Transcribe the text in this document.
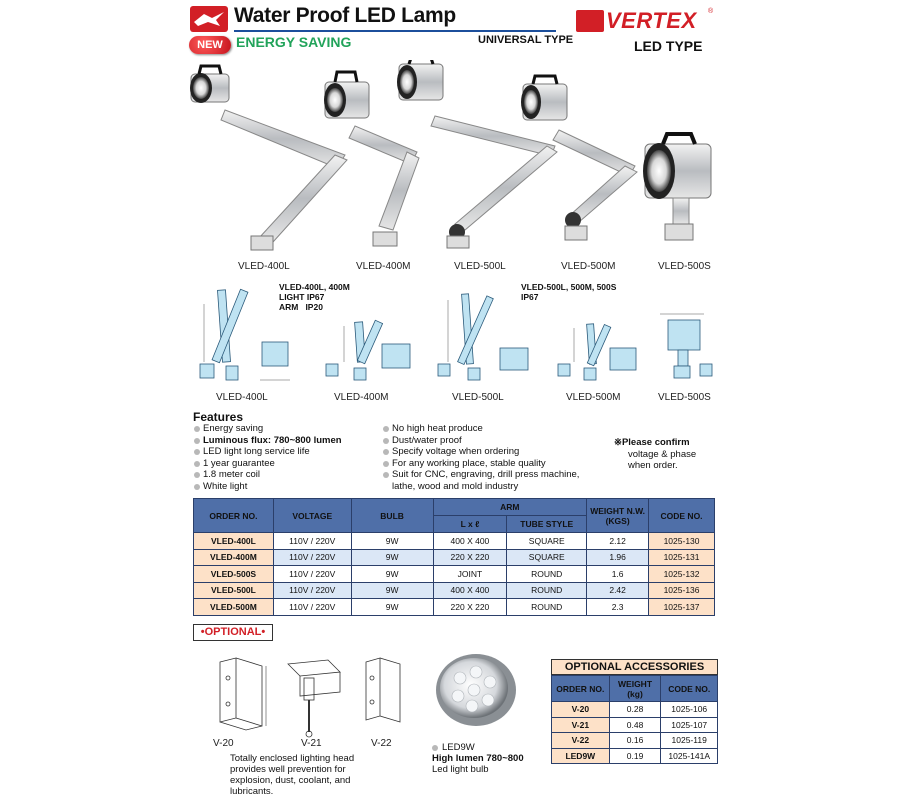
Water Proof LED Lamp
NEW ENERGY SAVING	UNIVERSAL TYPE
VERTEX ®
LED TYPE
VLED-400L	VLED-400M	VLED-500L	VLED-500M	VLED-500S
VLED-400L, 400M
LIGHT IP67
ARM   IP20
VLED-500L, 500M, 500S
IP67
VLED-400L	VLED-400M	VLED-500L	VLED-500M	VLED-500S
Features
Energy saving
Luminous flux: 780~800 lumen
LED light long service life
1 year guarantee
1.8 meter coil
White light
No high heat produce
Dust/water proof
Specify voltage when ordering
For any working place, stable quality
Suit for CNC, engraving, drill press machine,
lathe, wood and mold industry
※Please confirm
voltage & phase
when order.
ORDER NO.	VOLTAGE	BULB	ARM		WEIGHT N.W.(KGS)	CODE NO.
			L x ℓ	TUBE STYLE		
VLED-400L	110V / 220V	9W	400 X 400	SQUARE	2.12	1025-130
VLED-400M	110V / 220V	9W	220 X 220	SQUARE	1.96	1025-131
VLED-500S	110V / 220V	9W	JOINT	ROUND	1.6	1025-132
VLED-500L	110V / 220V	9W	400 X 400	ROUND	2.42	1025-136
VLED-500M	110V / 220V	9W	220 X 220	ROUND	2.3	1025-137
•OPTIONAL•
V-20	V-21	V-22
Totally enclosed lighting head
provides well prevention for
explosion, dust, coolant, and
lubricants.
LED9W
High lumen 780~800
Led light bulb
OPTIONAL ACCESSORIES
ORDER NO.	WEIGHT (kg)	CODE NO.
V-20	0.28	1025-106
V-21	0.48	1025-107
V-22	0.16	1025-119
LED9W	0.19	1025-141A
